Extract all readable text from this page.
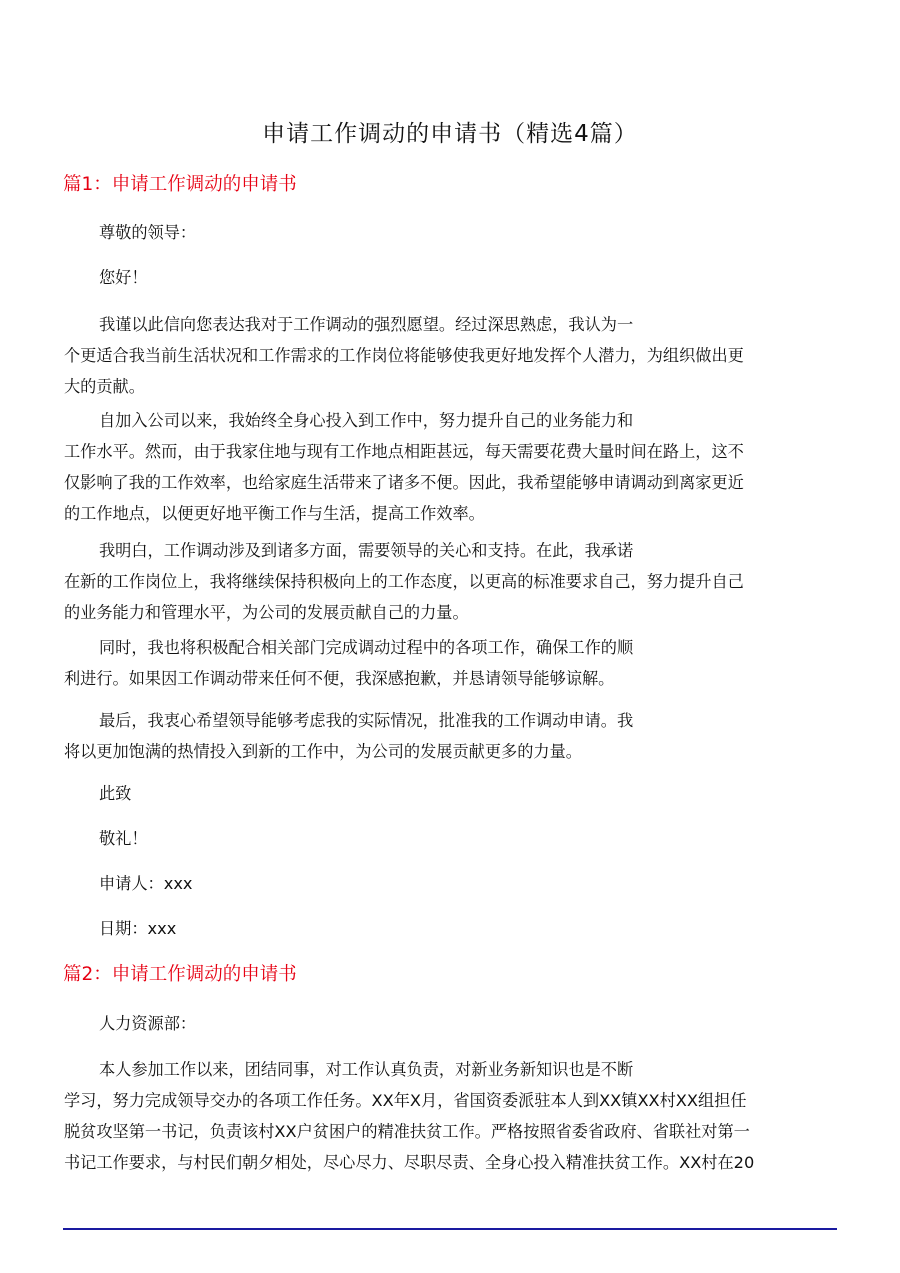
申请工作调动的申请书（精选4篇）
篇1：申请工作调动的申请书

尊敬的领导：

您好！

我谨以此信向您表达我对于工作调动的强烈愿望。经过深思熟虑，我认为一
个更适合我当前生活状况和工作需求的工作岗位将能够使我更好地发挥个人潜力，为组织做出更
大的贡献。
自加入公司以来，我始终全身心投入到工作中，努力提升自己的业务能力和
工作水平。然而，由于我家住地与现有工作地点相距甚远，每天需要花费大量时间在路上，这不
仅影响了我的工作效率，也给家庭生活带来了诸多不便。因此，我希望能够申请调动到离家更近
的工作地点，以便更好地平衡工作与生活，提高工作效率。
我明白，工作调动涉及到诸多方面，需要领导的关心和支持。在此，我承诺
在新的工作岗位上，我将继续保持积极向上的工作态度，以更高的标准要求自己，努力提升自己
的业务能力和管理水平，为公司的发展贡献自己的力量。
同时，我也将积极配合相关部门完成调动过程中的各项工作，确保工作的顺
利进行。如果因工作调动带来任何不便，我深感抱歉，并恳请领导能够谅解。
最后，我衷心希望领导能够考虑我的实际情况，批准我的工作调动申请。我
将以更加饱满的热情投入到新的工作中，为公司的发展贡献更多的力量。

此致

敬礼！

申请人：xxx

日期：xxx

篇2：申请工作调动的申请书

人力资源部：

本人参加工作以来，团结同事，对工作认真负责，对新业务新知识也是不断
学习，努力完成领导交办的各项工作任务。XX年X月，省国资委派驻本人到XX镇XX村XX组担任
脱贫攻坚第一书记，负责该村XX户贫困户的精准扶贫工作。严格按照省委省政府、省联社对第一
书记工作要求，与村民们朝夕相处，尽心尽力、尽职尽责、全身心投入精准扶贫工作。XX村在20
